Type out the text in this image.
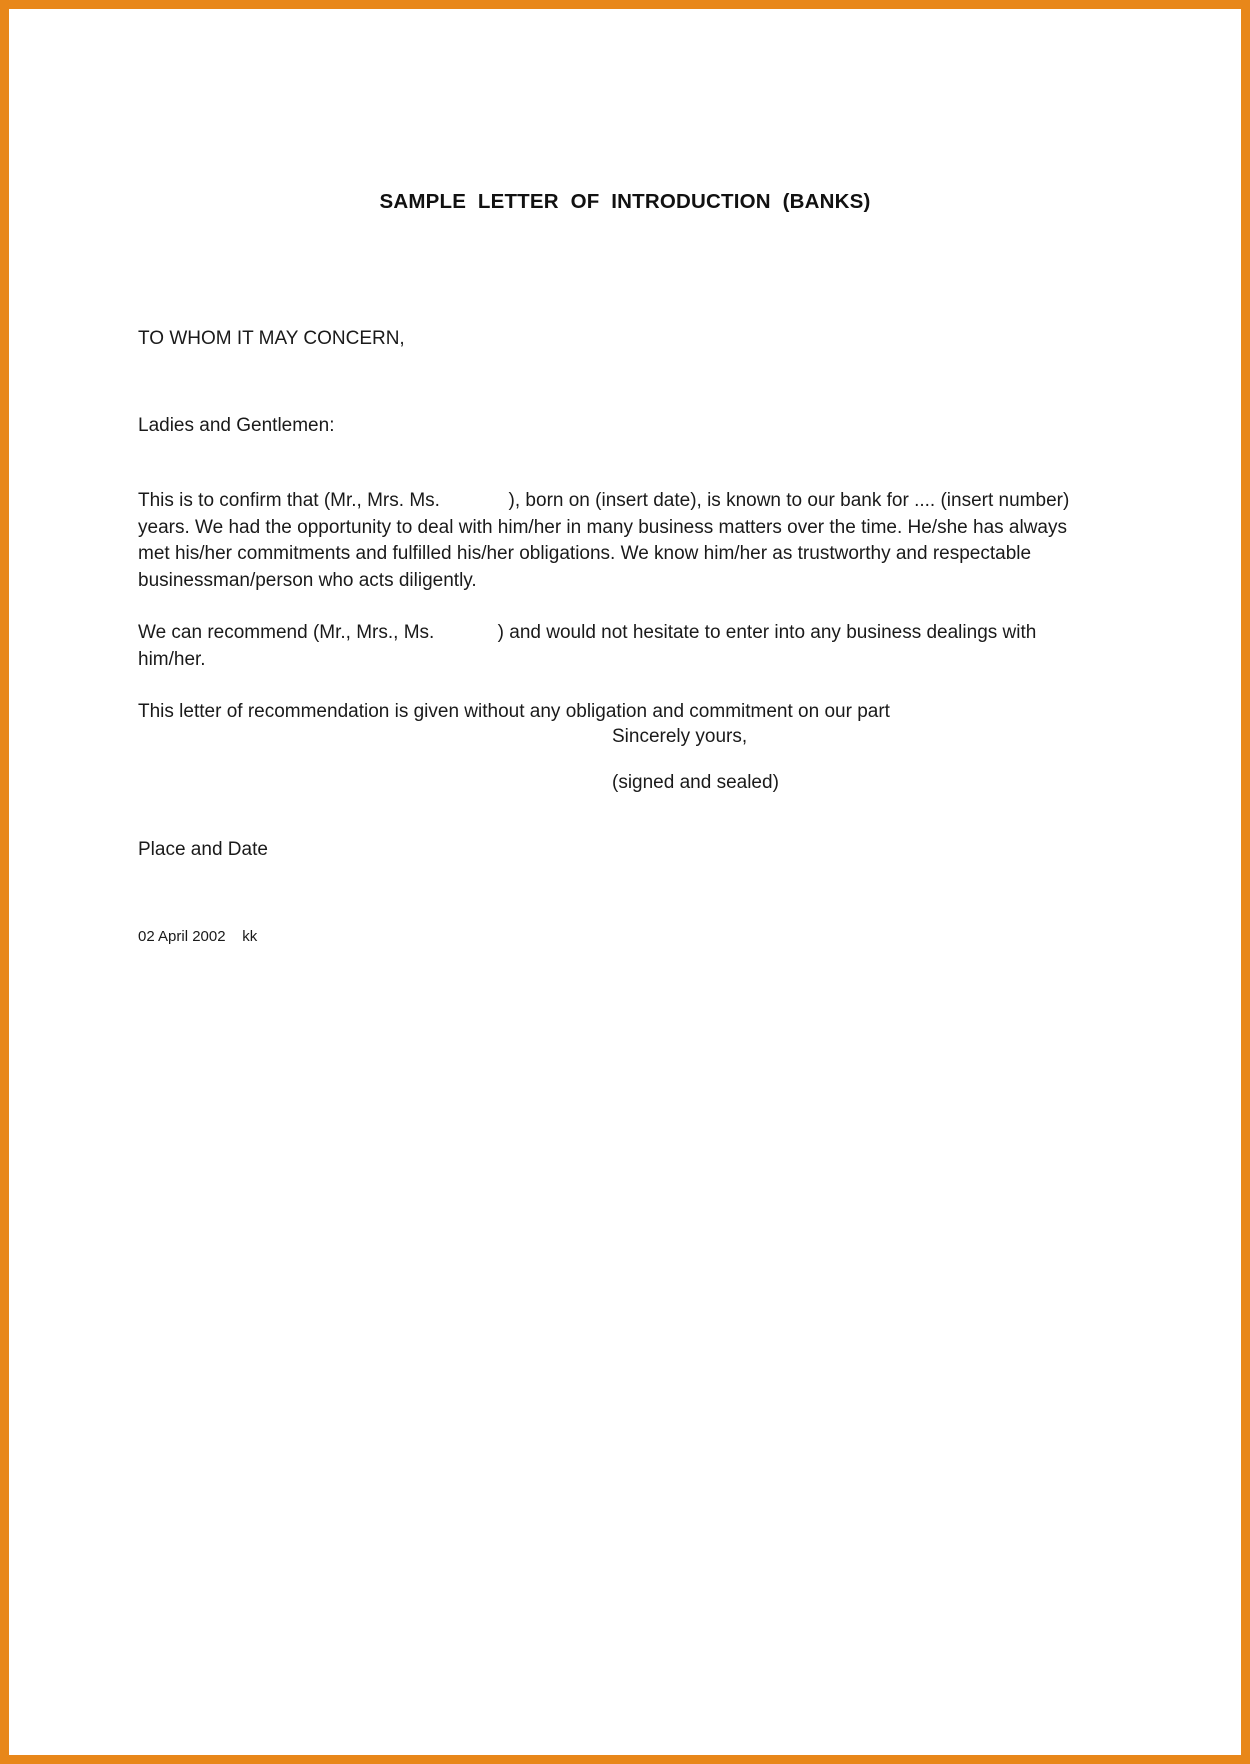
SAMPLE  LETTER  OF  INTRODUCTION  (BANKS)
TO WHOM IT MAY CONCERN,
Ladies and Gentlemen:

This is to confirm that (Mr., Mrs. Ms.             ), born on (insert date), is known to our bank for .... (insert number) years. We had the opportunity to deal with him/her in many business matters over the time. He/she has always met his/her commitments and fulfilled his/her obligations. We know him/her as trustworthy and respectable businessman/person who acts diligently.

We can recommend (Mr., Mrs., Ms.            ) and would not hesitate to enter into any business dealings with him/her.

This letter of recommendation is given without any obligation and commitment on our part

Sincerely yours,
(signed and sealed)
Place and Date
02 April 2002    kk
